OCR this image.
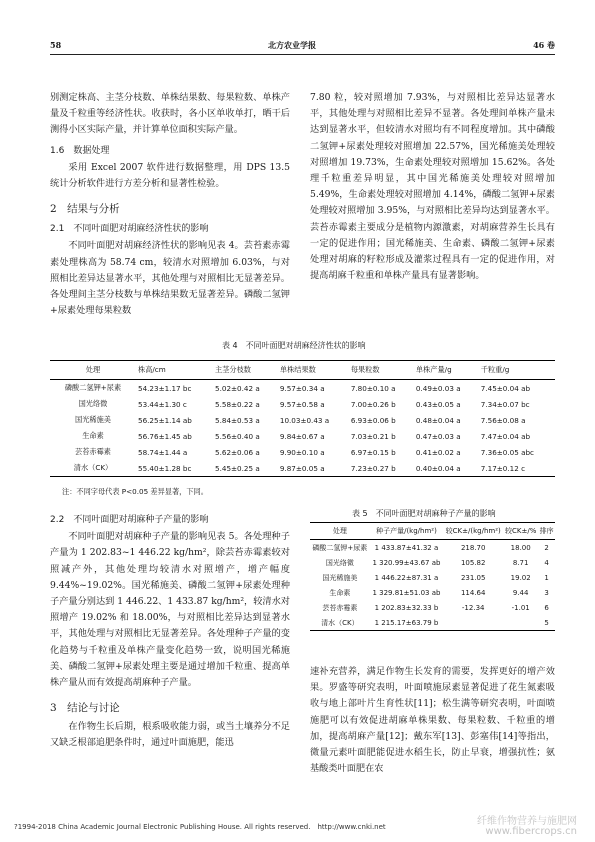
58	北方农业学报	46 卷

别测定株高、主茎分枝数、单株结果数、每果粒数、单株产量及千粒重等经济性状。收获时，各小区单收单打，晒干后测得小区实际产量，并计算单位面积实际产量。

1.6　数据处理

采用 Excel 2007 软件进行数据整理，用 DPS 13.5 统计分析软件进行方差分析和显著性检验。

2　结果与分析

2.1　不同叶面肥对胡麻经济性状的影响

不同叶面肥对胡麻经济性状的影响见表 4。芸苔素赤霉素处理株高为 58.74 cm，较清水对照增加 6.03%，与对照相比差异达显著水平，其他处理与对照相比无显著差异。各处理间主茎分枝数与单株结果数无显著差异。磷酸二氢钾+尿素处理每果粒数

7.80 粒，较对照增加 7.93%，与对照相比差异达显著水平，其他处理与对照相比差异不显著。各处理间单株产量未达到显著水平，但较清水对照均有不同程度增加。其中磷酸二氢钾+尿素处理较对照增加 22.57%，国光稀施美处理较对照增加 19.73%，生命素处理较对照增加 15.62%。各处理千粒重差异明显，其中国光稀施美处理较对照增加 5.49%，生命素处理较对照增加 4.14%，磷酸二氢钾+尿素处理较对照增加 3.95%，与对照相比差异均达到显著水平。芸苔赤霉素主要成分是植物内源激素，对胡麻营养生长具有一定的促进作用；国光稀施美、生命素、磷酸二氢钾+尿素处理对胡麻的籽粒形成及灌浆过程具有一定的促进作用，对提高胡麻千粒重和单株产量具有显著影响。

表 4　不同叶面肥对胡麻经济性状的影响
处理	株高/cm	主茎分枝数	单株结果数	每果粒数	单株产量/g	千粒重/g
磷酸二氢钾+尿素	54.23±1.17 bc	5.02±0.42 a	9.57±0.34 a	7.80±0.10 a	0.49±0.03 a	7.45±0.04 ab
国光络微	53.44±1.30 c	5.58±0.22 a	9.57±0.58 a	7.00±0.26 b	0.43±0.05 a	7.34±0.07 bc
国光稀施美	56.25±1.14 ab	5.84±0.53 a	10.03±0.43 a	6.93±0.06 b	0.48±0.04 a	7.56±0.08 a
生命素	56.76±1.45 ab	5.56±0.40 a	9.84±0.67 a	7.03±0.21 b	0.47±0.03 a	7.47±0.04 ab
芸苔赤霉素	58.74±1.44 a	5.62±0.06 a	9.90±0.10 a	6.97±0.15 b	0.41±0.02 a	7.36±0.05 abc
清水（CK）	55.40±1.28 bc	5.45±0.25 a	9.87±0.05 a	7.23±0.27 b	0.40±0.04 a	7.17±0.12 c
注：不同字母代表 P<0.05 差异显著，下同。

2.2　不同叶面肥对胡麻种子产量的影响

不同叶面肥对胡麻种子产量的影响见表 5。各处理种子产量为 1 202.83~1 446.22 kg/hm²，除芸苔赤霉素较对照减产外，其他处理均较清水对照增产，增产幅度 9.44%~19.02%。国光稀施美、磷酸二氢钾+尿素处理种子产量分别达到 1 446.22、1 433.87 kg/hm²，较清水对照增产 19.02% 和 18.00%，与对照相比差异达到显著水平，其他处理与对照相比无显著差异。各处理种子产量的变化趋势与千粒重及单株产量变化趋势一致，说明国光稀施美、磷酸二氢钾+尿素处理主要是通过增加千粒重、提高单株产量从而有效提高胡麻种子产量。

3　结论与讨论

在作物生长后期，根系吸收能力弱，或当土壤养分不足又缺乏根部追肥条件时，通过叶面施肥，能迅

表 5　不同叶面肥对胡麻种子产量的影响
处理	种子产量/(kg/hm²)	较CK±/(kg/hm²)	较CK±/%	排序
磷酸二氢钾+尿素	1 433.87±41.32 a	218.70	18.00	2
国光络微	1 320.99±43.67 ab	105.82	8.71	4
国光稀施美	1 446.22±87.31 a	231.05	19.02	1
生命素	1 329.81±51.03 ab	114.64	9.44	3
芸苔赤霉素	1 202.83±32.33 b	-12.34	-1.01	6
清水（CK）	1 215.17±63.79 b			5

速补充营养，满足作物生长发育的需要，发挥更好的增产效果。罗盛等研究表明，叶面喷施尿素显著促进了花生氮素吸收与地上部叶片生育性状[11]；松生满等研究表明，叶面喷施肥可以有效促进胡麻单株果数、每果粒数、千粒重的增加，提高胡麻产量[12]；戴东军[13]、彭塞伟[14]等指出，微量元素叶面肥能促进水稻生长，防止早衰，增强抗性；氨基酸类叶面肥在农

?1994-2018 China Academic Journal Electronic Publishing House. All rights reserved.　http://www.cnki.net	纤维作物营养与施肥网
www.fibercrops.cn
